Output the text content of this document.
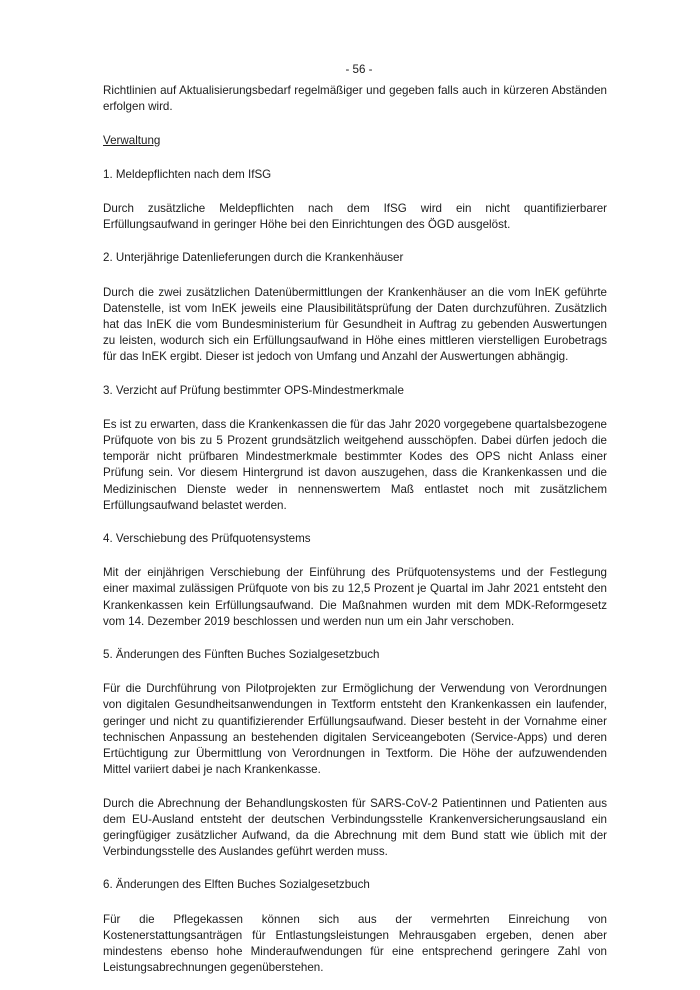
- 56 -

Richtlinien auf Aktualisierungsbedarf regelmäßiger und gegeben falls auch in kürzeren Abständen erfolgen wird.

Verwaltung

1. Meldepflichten nach dem IfSG

Durch zusätzliche Meldepflichten nach dem IfSG wird ein nicht quantifizierbarer Erfüllungsaufwand in geringer Höhe bei den Einrichtungen des ÖGD ausgelöst.

2. Unterjährige Datenlieferungen durch die Krankenhäuser

Durch die zwei zusätzlichen Datenübermittlungen der Krankenhäuser an die vom InEK geführte Datenstelle, ist vom InEK jeweils eine Plausibilitätsprüfung der Daten durchzuführen. Zusätzlich hat das InEK die vom Bundesministerium für Gesundheit in Auftrag zu gebenden Auswertungen zu leisten, wodurch sich ein Erfüllungsaufwand in Höhe eines mittleren vierstelligen Eurobetrags für das InEK ergibt. Dieser ist jedoch von Umfang und Anzahl der Auswertungen abhängig.

3. Verzicht auf Prüfung bestimmter OPS-Mindestmerkmale

Es ist zu erwarten, dass die Krankenkassen die für das Jahr 2020 vorgegebene quartalsbezogene Prüfquote von bis zu 5 Prozent grundsätzlich weitgehend ausschöpfen. Dabei dürfen jedoch die temporär nicht prüfbaren Mindestmerkmale bestimmter Kodes des OPS nicht Anlass einer Prüfung sein. Vor diesem Hintergrund ist davon auszugehen, dass die Krankenkassen und die Medizinischen Dienste weder in nennenswertem Maß entlastet noch mit zusätzlichem Erfüllungsaufwand belastet werden.

4. Verschiebung des Prüfquotensystems

Mit der einjährigen Verschiebung der Einführung des Prüfquotensystems und der Festlegung einer maximal zulässigen Prüfquote von bis zu 12,5 Prozent je Quartal im Jahr 2021 entsteht den Krankenkassen kein Erfüllungsaufwand. Die Maßnahmen wurden mit dem MDK-Reformgesetz vom 14. Dezember 2019 beschlossen und werden nun um ein Jahr verschoben.

5. Änderungen des Fünften Buches Sozialgesetzbuch

Für die Durchführung von Pilotprojekten zur Ermöglichung der Verwendung von Verordnungen von digitalen Gesundheitsanwendungen in Textform entsteht den Krankenkassen ein laufender, geringer und nicht zu quantifizierender Erfüllungsaufwand. Dieser besteht in der Vornahme einer technischen Anpassung an bestehenden digitalen Serviceangeboten (Service-Apps) und deren Ertüchtigung zur Übermittlung von Verordnungen in Textform. Die Höhe der aufzuwendenden Mittel variiert dabei je nach Krankenkasse.

Durch die Abrechnung der Behandlungskosten für SARS-CoV-2 Patientinnen und Patienten aus dem EU-Ausland entsteht der deutschen Verbindungsstelle Krankenversicherungsausland ein geringfügiger zusätzlicher Aufwand, da die Abrechnung mit dem Bund statt wie üblich mit der Verbindungsstelle des Auslandes geführt werden muss.

6. Änderungen des Elften Buches Sozialgesetzbuch

Für die Pflegekassen können sich aus der vermehrten Einreichung von Kostenerstattungsanträgen für Entlastungsleistungen Mehrausgaben ergeben, denen aber mindestens ebenso hohe Minderaufwendungen für eine entsprechend geringere Zahl von Leistungsabrechnungen gegenüberstehen.
